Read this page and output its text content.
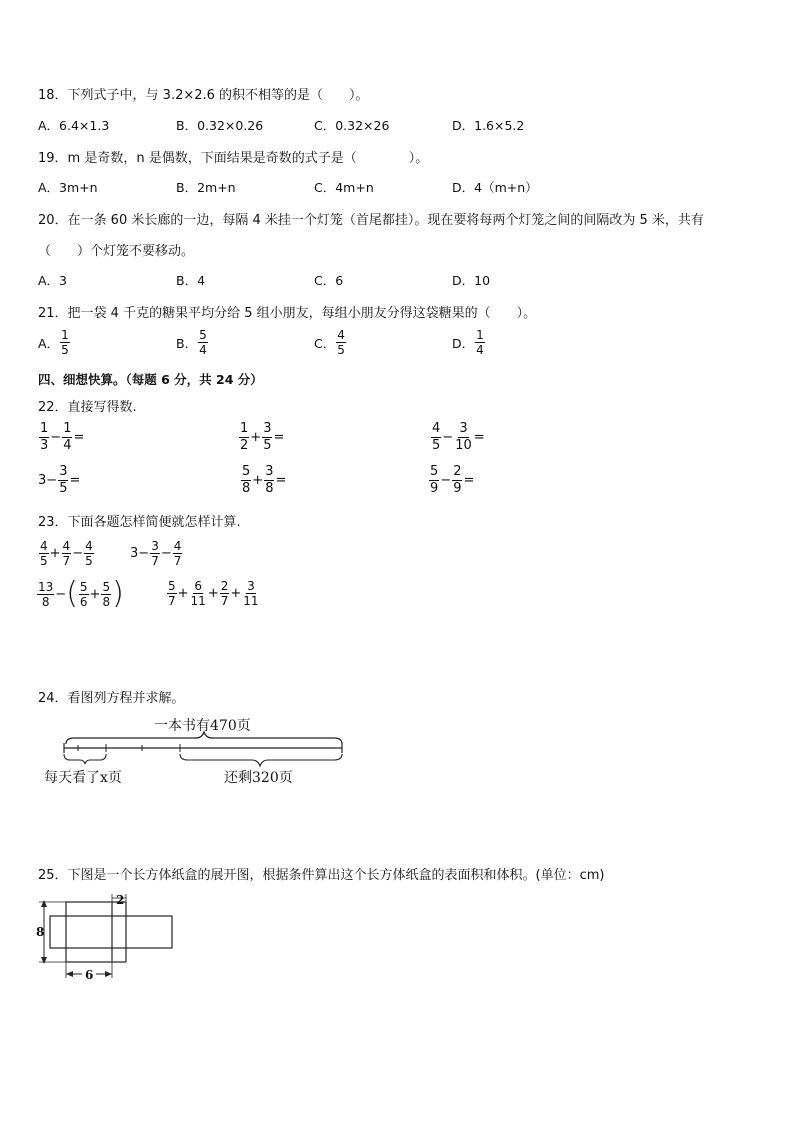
18．下列式子中，与 3.2×2.6 的积不相等的是（　　）。
A．6.4×1.3	B．0.32×0.26	C．0.32×26	D．1.6×5.2
19．m 是奇数，n 是偶数，下面结果是奇数的式子是（　　　　）。
A．3m+n	B．2m+n	C．4m+n	D．4（m+n）
20．在一条 60 米长廊的一边，每隔 4 米挂一个灯笼（首尾都挂）。现在要将每两个灯笼之间的间隔改为 5 米，共有
（　　）个灯笼不要移动。
A．3	B．4	C．6	D．10
21．把一袋 4 千克的糖果平均分给 5 组小朋友，每组小朋友分得这袋糖果的（　　）。
A． $\frac{1}{5}$	B． $\frac{5}{4}$	C． $\frac{4}{5}$	D． $\frac{1}{4}$
四、细想快算。（每题 6 分，共 24 分）
22．直接写得数.
$\frac{1}{3} - \frac{1}{4}$ =	$\frac{1}{2} + \frac{3}{5}$ =	$\frac{4}{5} - \frac{3}{10}$ =
$3 - \frac{3}{5}$ =	$\frac{5}{8} + \frac{3}{8}$ =	$\frac{5}{9} - \frac{2}{9}$ =
23．下面各题怎样简便就怎样计算.
$\frac{4}{5} + \frac{4}{7} - \frac{4}{5}$	$3 - \frac{3}{7} - \frac{4}{7}$
$\frac{13}{8}$ − ( $\frac{5}{6} + \frac{5}{8}$ )	$\frac{5}{7} + \frac{6}{11} + \frac{2}{7} + \frac{3}{11}$
24．看图列方程并求解。
一本书有470页
每天看了x页	还剩320页
25．下图是一个长方体纸盒的展开图，根据条件算出这个长方体纸盒的表面积和体积。(单位：cm)
8
2
6
